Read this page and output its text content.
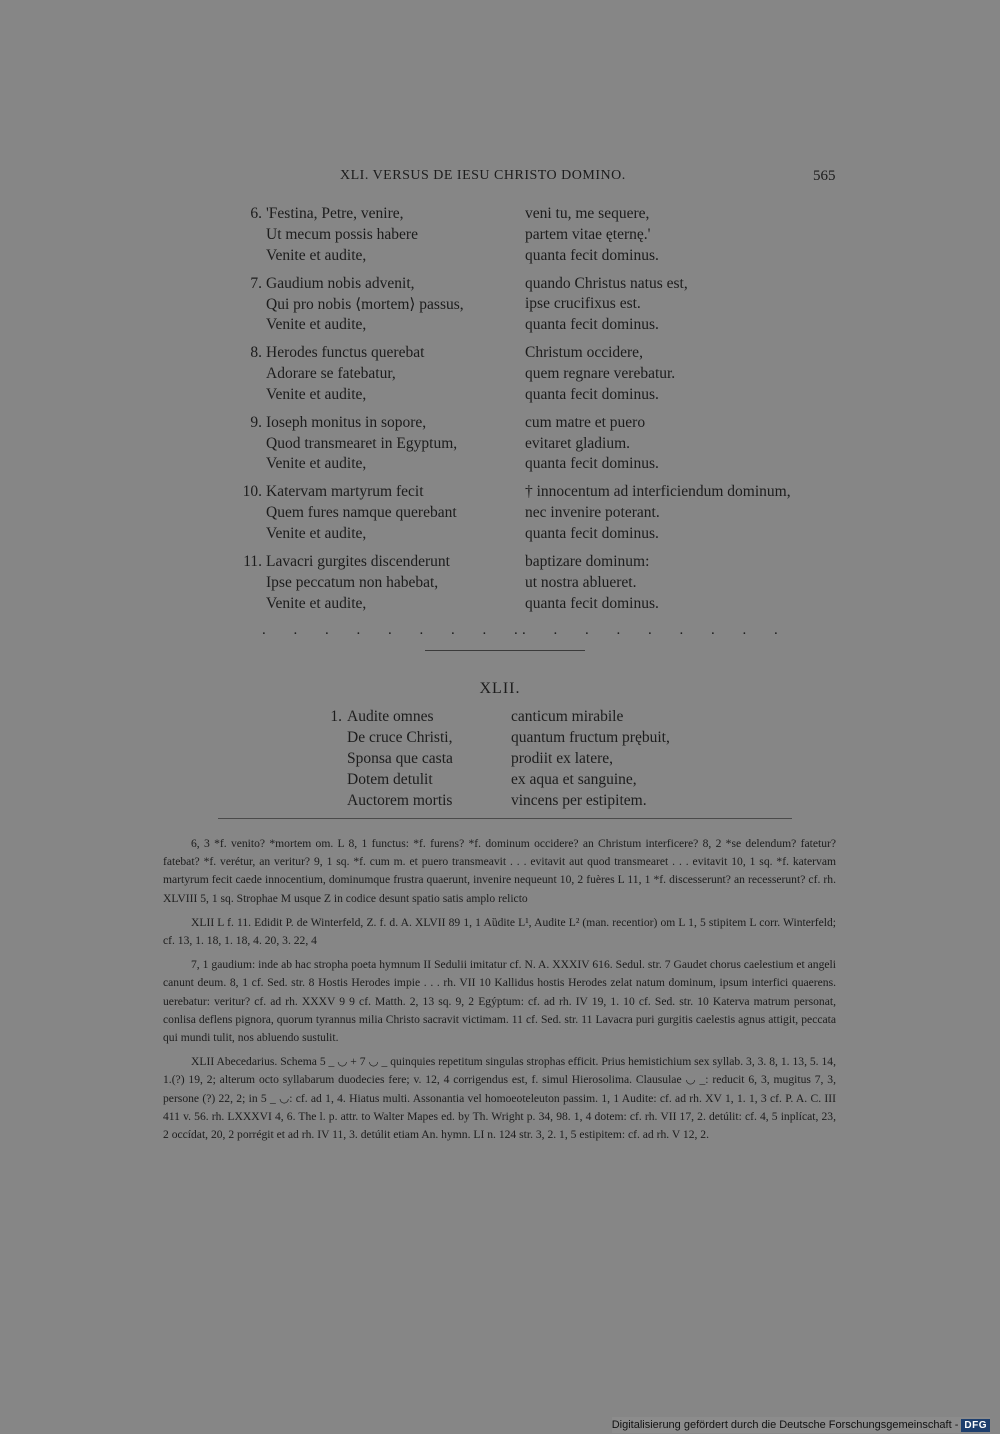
XLI. VERSUS DE IESU CHRISTO DOMINO.	565
6. 'Festina, Petre, venire,	veni tu, me sequere,
Ut mecum possis habere	partem vitae ęternę.'
Venite et audite,	quanta fecit dominus.
7. Gaudium nobis advenit,	quando Christus natus est,
Qui pro nobis ⟨mortem⟩ passus,	ipse crucifixus est.
Venite et audite,	quanta fecit dominus.
8. Herodes functus querebat	Christum occidere,
Adorare se fatebatur,	quem regnare verebatur.
Venite et audite,	quanta fecit dominus.
9. Ioseph monitus in sopore,	cum matre et puero
Quod transmearet in Egyptum,	evitaret gladium.
Venite et audite,	quanta fecit dominus.
10. Katervam martyrum fecit	† innocentum ad interficiendum dominum,
Quem fures namque querebant	nec invenire poterant.
Venite et audite,	quanta fecit dominus.
11. Lavacri gurgites discenderunt	baptizare dominum:
Ipse peccatum non habebat,	ut nostra ablueret.
Venite et audite,	quanta fecit dominus.
. . . . . . . . .
. . . . . . . . .
XLII.
1. Audite omnes	canticum mirabile
De cruce Christi,	quantum fructum prębuit,
Sponsa que casta	prodiit ex latere,
Dotem detulit	ex aqua et sanguine,
Auctorem mortis	vincens per estipitem.

6, 3 *f. venito? *mortem om. L 8, 1 functus: *f. furens? *f. dominum occidere? an Christum interficere? 8, 2 *se delendum? fatetur? fatebat? *f. verétur, an veritur? 9, 1 sq. *f. cum m. et puero transmeavit . . . evitavit aut quod transmearet . . . evitavit 10, 1 sq. *f. katervam martyrum fecit caede innocentium, dominumque frustra quaerunt, invenire nequeunt 10, 2 fuères L 11, 1 *f. discesserunt? an recesserunt? cf. rh. XLVIII 5, 1 sq. Strophae M usque Z in codice desunt spatio satis amplo relicto

XLII L f. 11. Edidit P. de Winterfeld, Z. f. d. A. XLVII 89 1, 1 Aȕdite L¹, Audite L² (man. recentior) om L 1, 5 stipitem L corr. Winterfeld; cf. 13, 1. 18, 1. 18, 4. 20, 3. 22, 4

7, 1 gaudium: inde ab hac stropha poeta hymnum II Sedulii imitatur cf. N. A. XXXIV 616. Sedul. str. 7 Gaudet chorus caelestium et angeli canunt deum. 8, 1 cf. Sed. str. 8 Hostis Herodes impie . . . rh. VII 10 Kallidus hostis Herodes zelat natum dominum, ipsum interfici quaerens. uerebatur: veritur? cf. ad rh. XXXV 9 9 cf. Matth. 2, 13 sq. 9, 2 Egýptum: cf. ad rh. IV 19, 1. 10 cf. Sed. str. 10 Katerva matrum personat, conlisa deflens pignora, quorum tyrannus milia Christo sacravit victimam. 11 cf. Sed. str. 11 Lavacra puri gurgitis caelestis agnus attigit, peccata qui mundi tulit, nos abluendo sustulit.

XLII Abecedarius. Schema 5 _ ◡ + 7 ◡ _ quinquies repetitum singulas strophas efficit. Prius hemistichium sex syllab. 3, 3. 8, 1. 13, 5. 14, 1.(?) 19, 2; alterum octo syllabarum duodecies fere; v. 12, 4 corrigendus est, f. simul Hierosolima. Clausulae ◡ _: reducit 6, 3, mugitus 7, 3, persone (?) 22, 2; in 5 _ ◡: cf. ad 1, 4. Hiatus multi. Assonantia vel homoeoteleuton passim. 1, 1 Audite: cf. ad rh. XV 1, 1. 1, 3 cf. P. A. C. III 411 v. 56. rh. LXXXVI 4, 6. The l. p. attr. to Walter Mapes ed. by Th. Wright p. 34, 98. 1, 4 dotem: cf. rh. VII 17, 2. detúlit: cf. 4, 5 inplícat, 23, 2 occídat, 20, 2 porrégit et ad rh. IV 11, 3. detúlit etiam An. hymn. LI n. 124 str. 3, 2. 1, 5 estipitem: cf. ad rh. V 12, 2.

Digitalisierung gefördert durch die Deutsche Forschungsgemeinschaft - DFG
